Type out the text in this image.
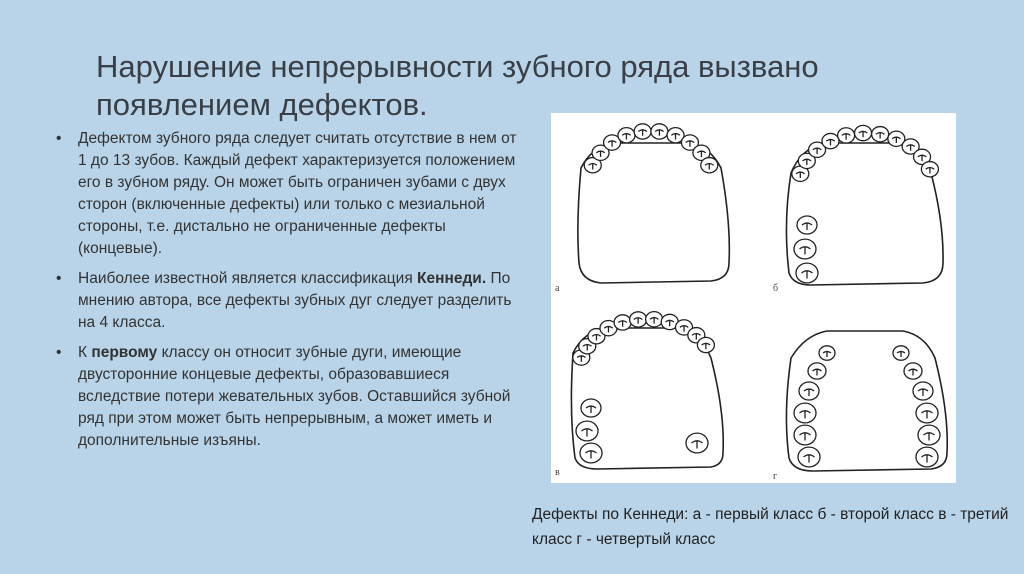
Нарушение непрерывности зубного ряда вызвано появлением дефектов.
• Дефектом зубного ряда следует считать отсутствие в нем от 1 до 13 зубов. Каждый дефект характеризуется положением его в зубном ряду. Он может быть ограничен зубами с двух сторон (включенные дефекты) или только с мезиальной стороны, т.е. дистально не ограниченные дефекты (концевые).
• Наиболее известной является классификация Кеннеди. По мнению автора, все дефекты зубных дуг следует разделить на 4 класса.
• К первому классу он относит зубные дуги, имеющие двусторонние концевые дефекты, образовавшиеся вследствие потери жевательных зубов. Оставшийся зубной ряд при этом может быть непрерывным, а может иметь и дополнительные изъяны.
а	б
в	г
Дефекты по Кеннеди: а - первый класс б - второй класс в - третий класс г - четвертый класс
